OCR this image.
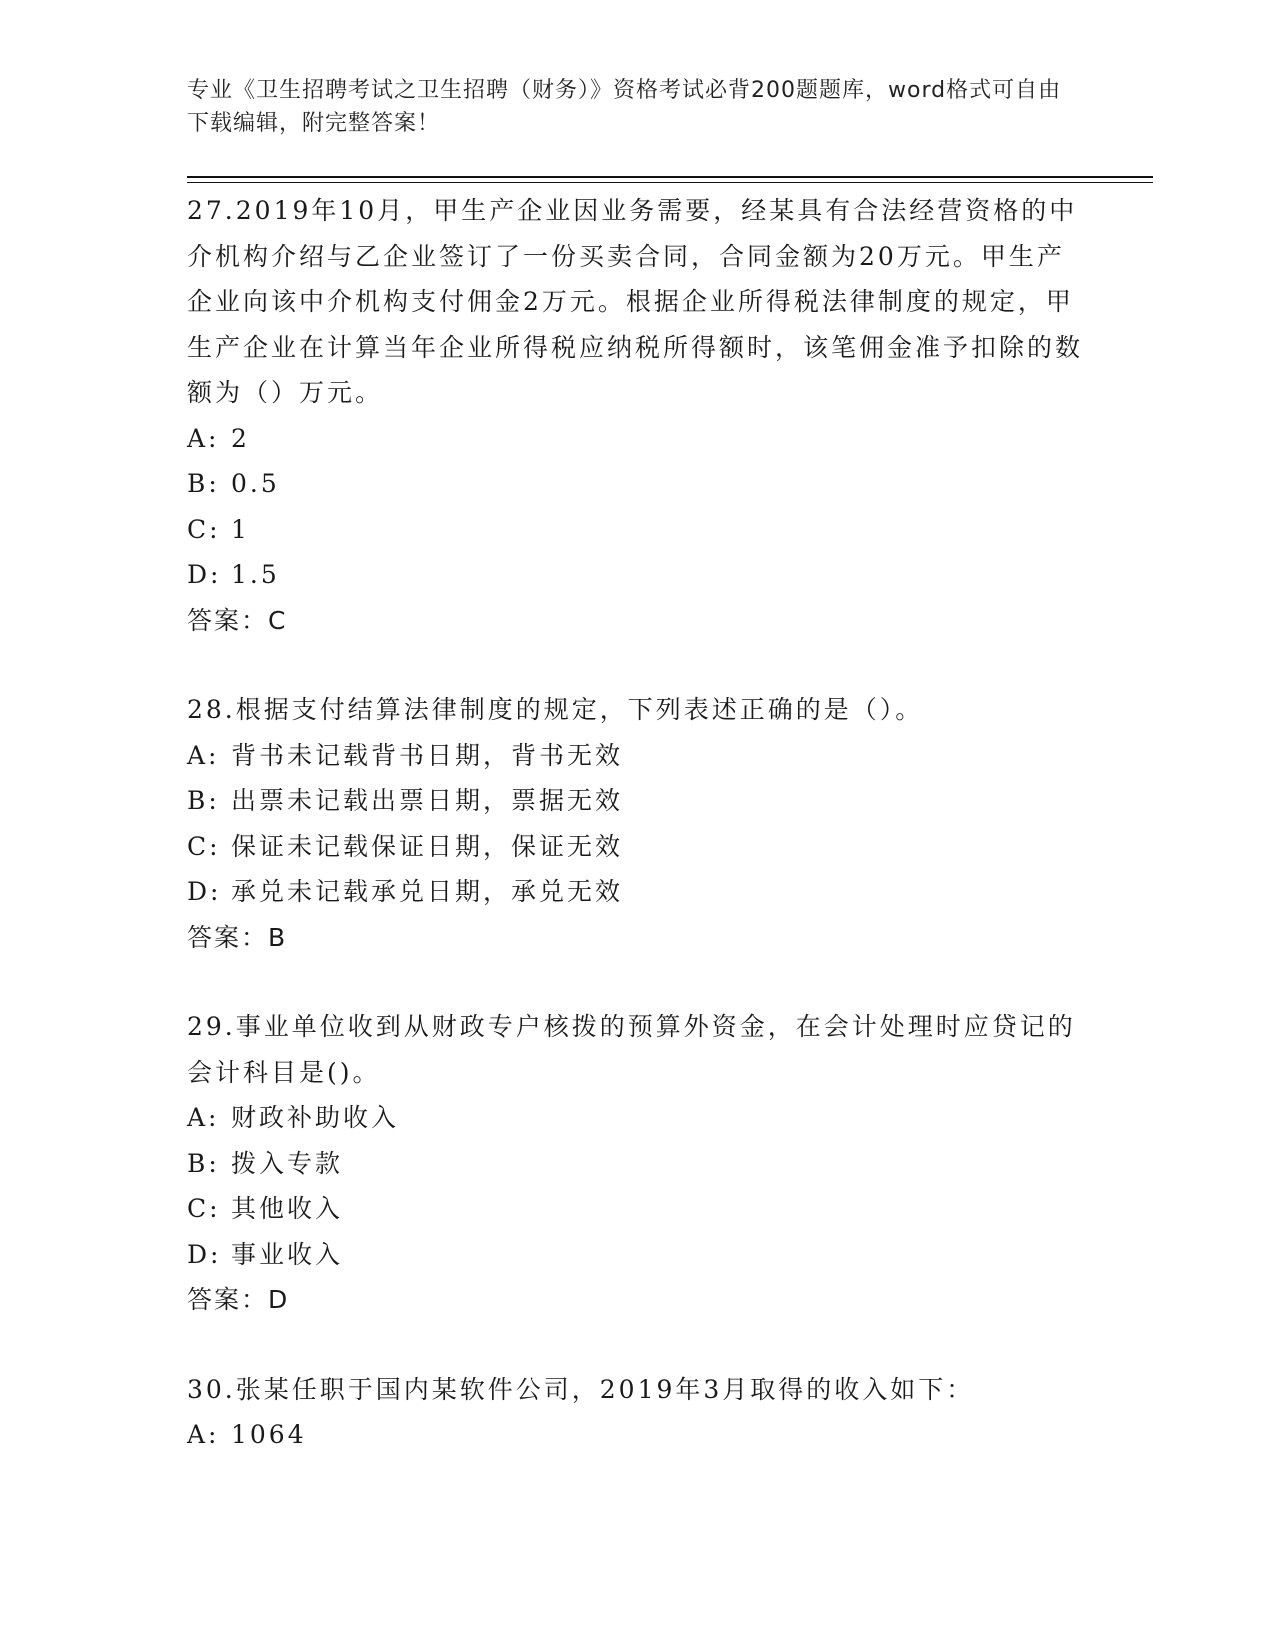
专业《卫生招聘考试之卫生招聘（财务）》资格考试必背200题题库，word格式可自由下载编辑，附完整答案！

27.2019年10月，甲生产企业因业务需要，经某具有合法经营资格的中介机构介绍与乙企业签订了一份买卖合同，合同金额为20万元。甲生产企业向该中介机构支付佣金2万元。根据企业所得税法律制度的规定，甲生产企业在计算当年企业所得税应纳税所得额时，该笔佣金准予扣除的数额为（）万元。

A: 2

B: 0.5

C: 1

D: 1.5

答案：C

28.根据支付结算法律制度的规定，下列表述正确的是（）。

A: 背书未记载背书日期，背书无效

B: 出票未记载出票日期，票据无效

C: 保证未记载保证日期，保证无效

D: 承兑未记载承兑日期，承兑无效

答案：B

29.事业单位收到从财政专户核拨的预算外资金，在会计处理时应贷记的会计科目是()。

A: 财政补助收入

B: 拨入专款

C: 其他收入

D: 事业收入

答案：D

30.张某任职于国内某软件公司，2019年3月取得的收入如下：

A: 1064
